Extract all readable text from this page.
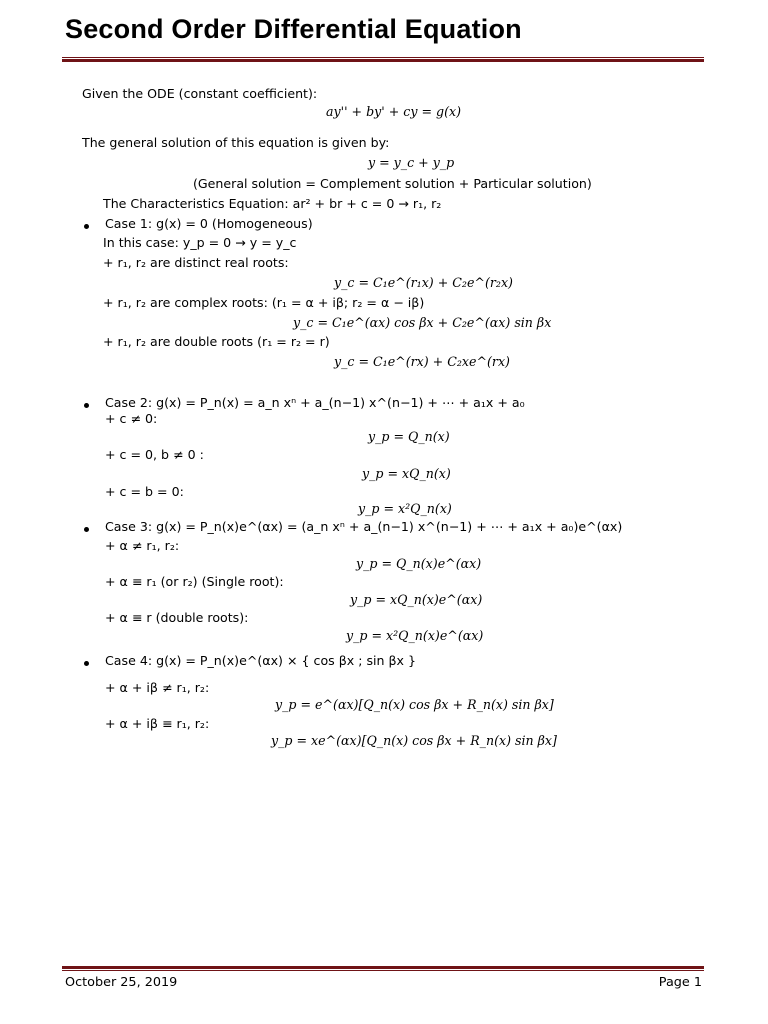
Second Order Differential Equation
Given the ODE (constant coefficient):
ay'' + by' + cy = g(x)
The general solution of this equation is given by:
y = y_c + y_p
(General solution = Complement solution + Particular solution)
The Characteristics Equation: ar² + br + c = 0 → r₁, r₂
Case 1: g(x) = 0 (Homogeneous)
In this case: y_p = 0 → y = y_c
+ r₁, r₂ are distinct real roots:
y_c = C₁e^(r₁x) + C₂e^(r₂x)
+ r₁, r₂ are complex roots: (r₁ = α + iβ; r₂ = α − iβ)
y_c = C₁e^(αx) cos βx + C₂e^(αx) sin βx
+ r₁, r₂ are double roots (r₁ = r₂ = r)
y_c = C₁e^(rx) + C₂xe^(rx)
Case 2: g(x) = P_n(x) = a_n xⁿ + a_(n−1) x^(n−1) + ⋯ + a₁x + a₀
+ c ≠ 0:
y_p = Q_n(x)
+ c = 0, b ≠ 0 :
y_p = xQ_n(x)
+ c = b = 0:
y_p = x²Q_n(x)
Case 3: g(x) = P_n(x)e^(αx) = (a_n xⁿ + a_(n−1) x^(n−1) + ⋯ + a₁x + a₀)e^(αx)
+ α ≠ r₁, r₂:
y_p = Q_n(x)e^(αx)
+ α ≡ r₁ (or r₂) (Single root):
y_p = xQ_n(x)e^(αx)
+ α ≡ r (double roots):
y_p = x²Q_n(x)e^(αx)
Case 4: g(x) = P_n(x)e^(αx) × { cos βx ; sin βx }
+ α + iβ ≠ r₁, r₂:
y_p = e^(αx)[Q_n(x) cos βx + R_n(x) sin βx]
+ α + iβ ≡ r₁, r₂:
y_p = xe^(αx)[Q_n(x) cos βx + R_n(x) sin βx]
October 25, 2019	Page 1
